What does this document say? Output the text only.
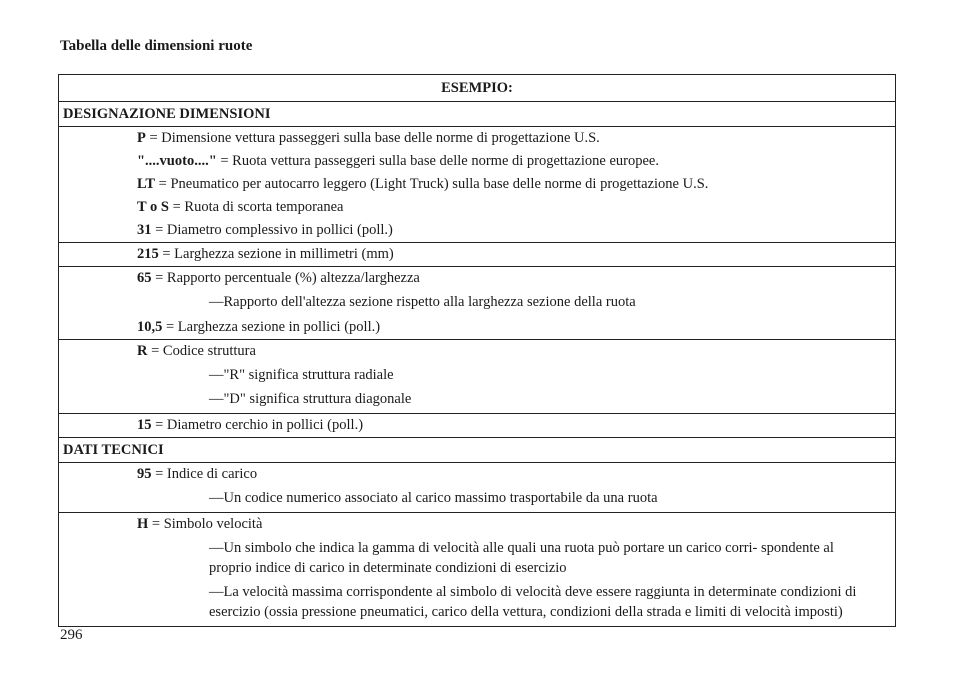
Tabella delle dimensioni ruote
ESEMPIO:
DESIGNAZIONE DIMENSIONI
P = Dimensione vettura passeggeri sulla base delle norme di progettazione U.S.
"....vuoto...." = Ruota vettura passeggeri sulla base delle norme di progettazione europee.
LT = Pneumatico per autocarro leggero (Light Truck) sulla base delle norme di progettazione U.S.
T o S = Ruota di scorta temporanea
31 = Diametro complessivo in pollici (poll.)
215 = Larghezza sezione in millimetri (mm)
65 = Rapporto percentuale (%) altezza/larghezza
—Rapporto dell'altezza sezione rispetto alla larghezza sezione della ruota
10,5 = Larghezza sezione in pollici (poll.)
R = Codice struttura
—"R" significa struttura radiale
—"D" significa struttura diagonale
15 = Diametro cerchio in pollici (poll.)
DATI TECNICI
95 = Indice di carico
—Un codice numerico associato al carico massimo trasportabile da una ruota
H = Simbolo velocità
—Un simbolo che indica la gamma di velocità alle quali una ruota può portare un carico corri- spondente al proprio indice di carico in determinate condizioni di esercizio
—La velocità massima corrispondente al simbolo di velocità deve essere raggiunta in determinate condizioni di esercizio (ossia pressione pneumatici, carico della vettura, condizioni della strada e limiti di velocità imposti)
296
